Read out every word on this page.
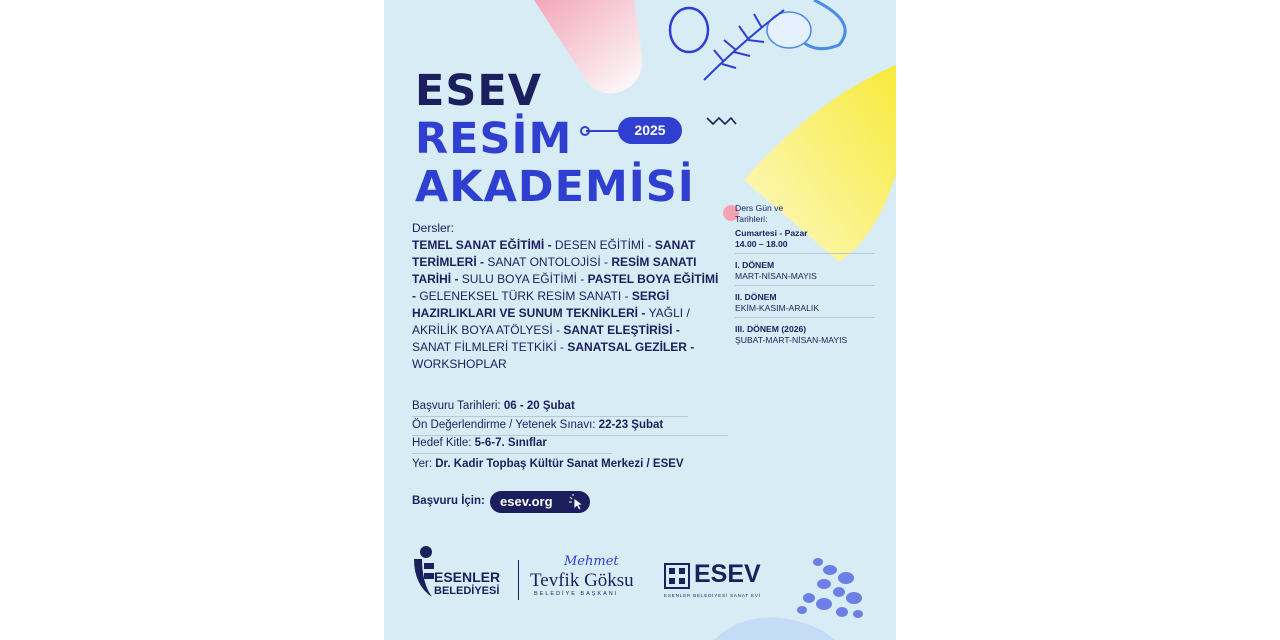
ESEV
RESİM
AKADEMİSİ
2025
Dersler:
TEMEL SANAT EĞİTİMİ - DESEN EĞİTİMİ - SANAT TERİMLERİ - SANAT ONTOLOJİSİ - RESİM SANATI TARİHİ - SULU BOYA EĞİTİMİ - PASTEL BOYA EĞİTİMİ - GELENEKSEL TÜRK RESİM SANATI - SERGİ HAZIRLIKLARI VE SUNUM TEKNİKLERİ - YAĞLI / AKRİLİK BOYA ATÖLYESİ - SANAT ELEŞTİRİSİ - SANAT FİLMLERİ TETKİKİ - SANATSAL GEZİLER - WORKSHOPLAR
Başvuru Tarihleri: 06 - 20 Şubat
Ön Değerlendirme / Yetenek Sınavı: 22-23 Şubat
Hedef Kitle: 5-6-7. Sınıflar
Yer: Dr. Kadir Topbaş Kültür Sanat Merkezi / ESEV
Ders Gün ve Tarihleri:
Cumartesi - Pazar
14.00 – 18.00
I. DÖNEM
MART-NİSAN-MAYIS
II. DÖNEM
EKİM-KASIM-ARALIK
III. DÖNEM (2026)
ŞUBAT-MART-NİSAN-MAYIS
Başvuru İçin:	esev.org
ESENLER
BELEDİYESİ
Mehmet
Tevfik Göksu
BELEDİYE BAŞKANI
ESEV
ESENLER BELEDİYESİ SANAT EVİ
